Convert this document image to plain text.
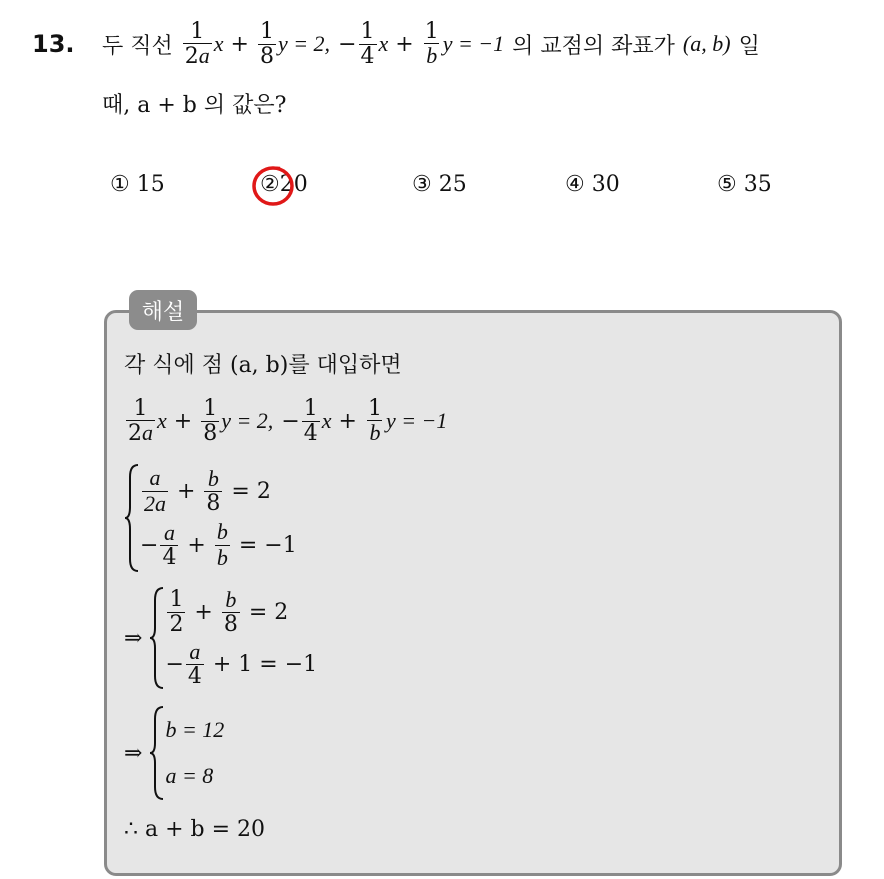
13. 두 직선 $\frac{1}{2a}$ $x + \frac{1}{8}$ y = 2, − $\frac{1}{4}$ $x + \frac{1}{b}$ y = −1 의 교점의 좌표가 (a, b) 일
때, a + b 의 값은?
① 15	②20	③ 25	④ 30	⑤ 35
해설
각 식에 점 (a, b)를 대입하면
$\frac{1}{2a}$ $x + \frac{1}{8}$ y = 2, − $\frac{1}{4}$ $x + \frac{1}{b}$ y = −1
$\frac{a}{2a} + \frac{b}{8}$
= 2
− $\frac{a}{4} + \frac{b}{b}$
= −1
⇒

$\frac{1}{2} + \frac{b}{8}$
= 2
− $\frac{a}{4}$
+ 1 = −1
⇒

b = 12
a = 8
∴ a + b = 20
